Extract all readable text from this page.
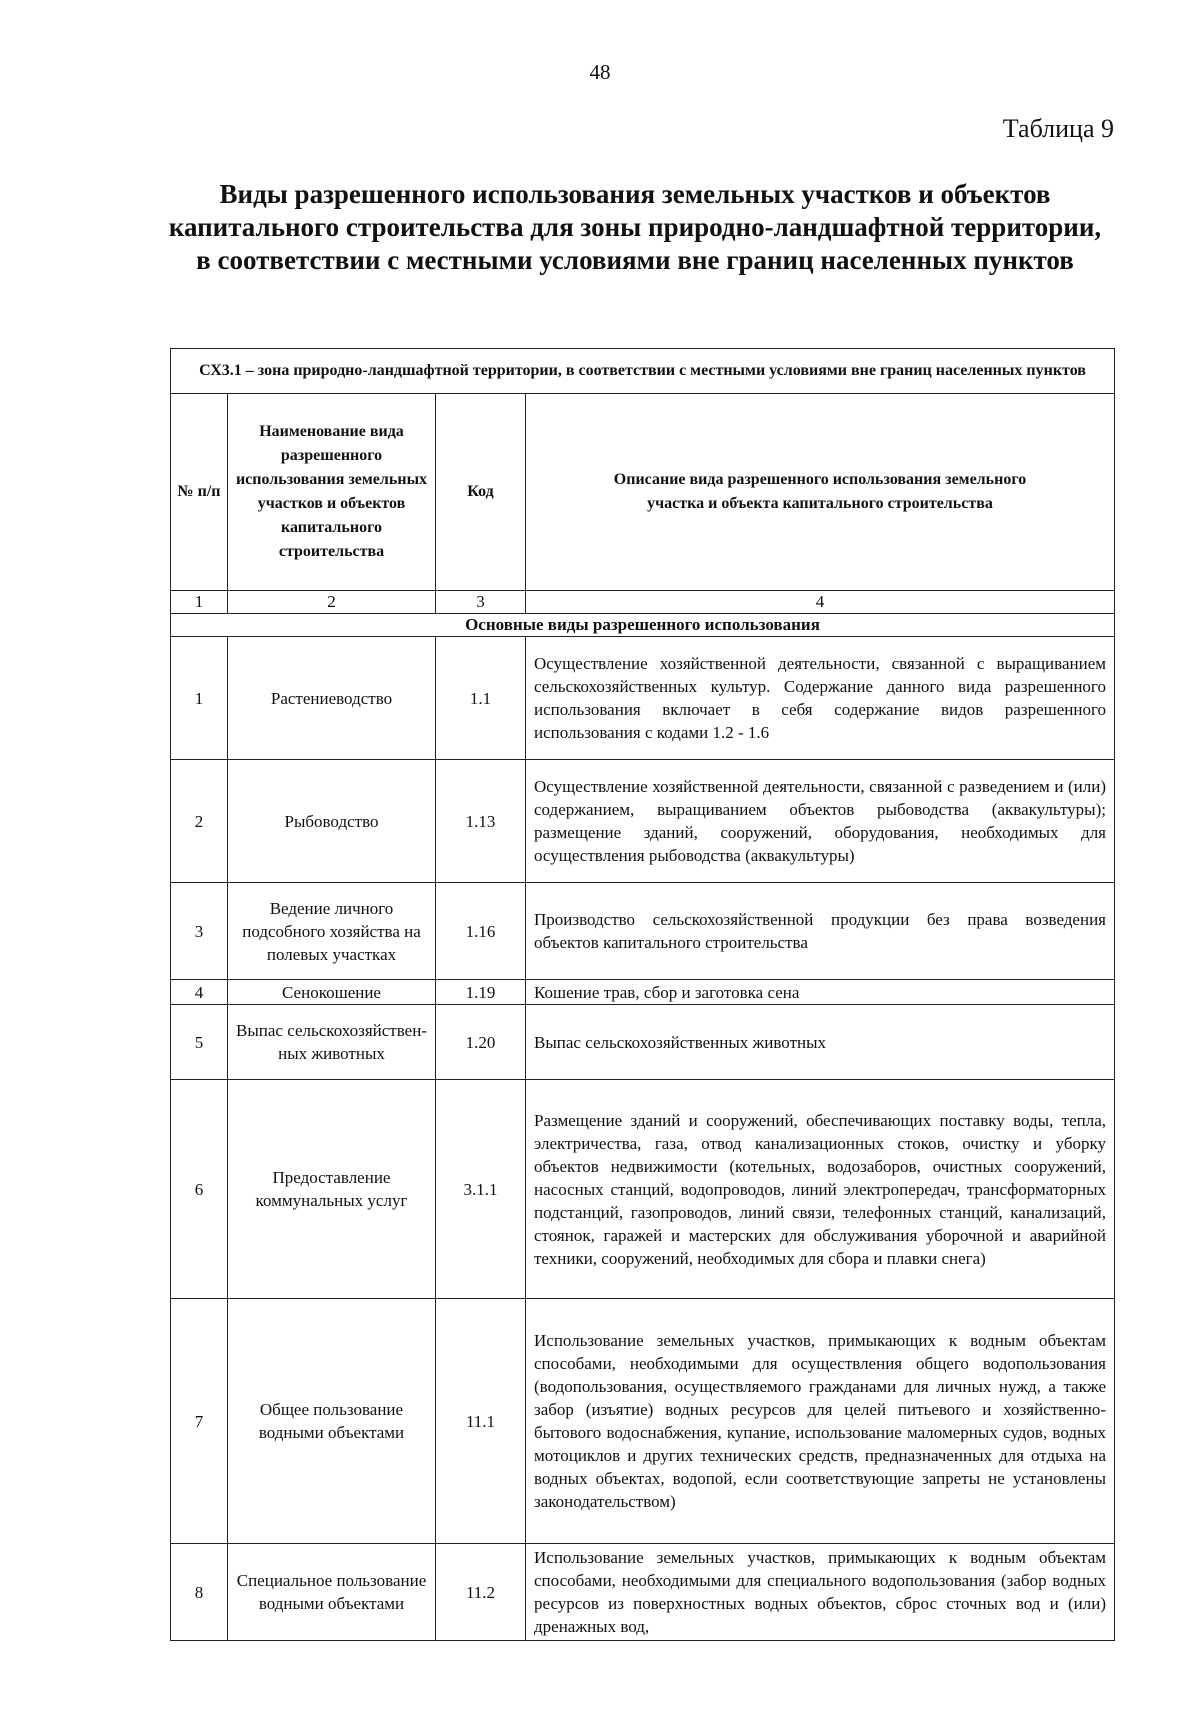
48
Таблица 9
Виды разрешенного использования земельных участков и объектов капитального строительства для зоны природно-ландшафтной территории, в соответствии с местными условиями вне границ населенных пунктов
СХ3.1 – зона природно-ландшафтной территории, в соответствии с местными условиями вне границ населенных пунктов			
№ п/п	Наименование вида разрешенного использования земельных участков и объектов капитального строительства	Код	Описание вида разрешенного использования земельного участка и объекта капитального строительства
1	2	3	4
Основные виды разрешенного использования			
1	Растениеводство	1.1	Осуществление хозяйственной деятельности, связанной с выращиванием сельскохозяйственных культур. Содержание данного вида разрешенного использования включает в себя содержание видов разрешенного использования с кодами 1.2 - 1.6
2	Рыбоводство	1.13	Осуществление хозяйственной деятельности, связанной с разведением и (или) содержанием, выращиванием объектов рыбоводства (аквакультуры); размещение зданий, сооружений, оборудования, необходимых для осуществления рыбоводства (аквакультуры)
3	Ведение личного подсобного хозяйства на полевых участках	1.16	Производство сельскохозяйственной продукции без права возведения объектов капитального строительства
4	Сенокошение	1.19	Кошение трав, сбор и заготовка сена
5	Выпас сельскохозяйствен-ных животных	1.20	Выпас сельскохозяйственных животных
6	Предоставление коммунальных услуг	3.1.1	Размещение зданий и сооружений, обеспечивающих поставку воды, тепла, электричества, газа, отвод канализационных стоков, очистку и уборку объектов недвижимости (котельных, водозаборов, очистных сооружений, насосных станций, водопроводов, линий электропередач, трансформаторных подстанций, газопроводов, линий связи, телефонных станций, канализаций, стоянок, гаражей и мастерских для обслуживания уборочной и аварийной техники, сооружений, необходимых для сбора и плавки снега)
7	Общее пользование водными объектами	11.1	Использование земельных участков, примыкающих к водным объектам способами, необходимыми для осуществления общего водопользования (водопользования, осуществляемого гражданами для личных нужд, а также забор (изъятие) водных ресурсов для целей питьевого и хозяйственно-бытового водоснабжения, купание, использование маломерных судов, водных мотоциклов и других технических средств, предназначенных для отдыха на водных объектах, водопой, если соответствующие запреты не установлены законодательством)
8	Специальное пользование водными объектами	11.2	Использование земельных участков, примыкающих к водным объектам способами, необходимыми для специального водопользования (забор водных ресурсов из поверхностных водных объектов, сброс сточных вод и (или) дренажных вод,
